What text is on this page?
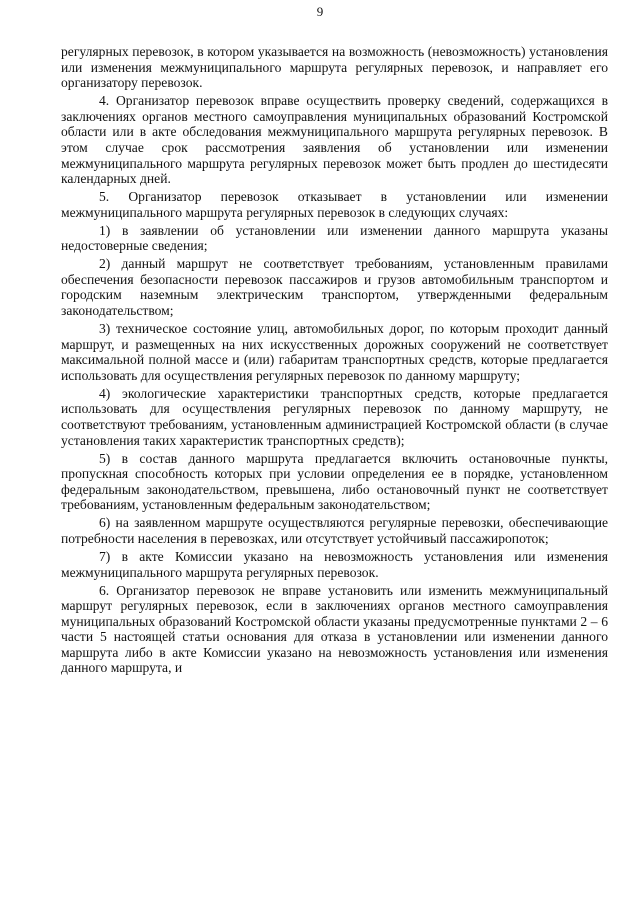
9

регулярных перевозок, в котором указывается на возможность (невозможность) установления или изменения межмуниципального маршрута регулярных перевозок, и направляет его организатору перевозок.

4. Организатор перевозок вправе осуществить проверку сведений, содержащихся в заключениях органов местного самоуправления муниципальных образований Костромской области или в акте обследования межмуниципального маршрута регулярных перевозок. В этом случае срок рассмотрения заявления об установлении или изменении межмуниципального маршрута регулярных перевозок может быть продлен до шестидесяти календарных дней.

5. Организатор перевозок отказывает в установлении или изменении межмуниципального маршрута регулярных перевозок в следующих случаях:

1) в заявлении об установлении или изменении данного маршрута указаны недостоверные сведения;

2) данный маршрут не соответствует требованиям, установленным правилами обеспечения безопасности перевозок пассажиров и грузов автомобильным транспортом и городским наземным электрическим транспортом, утвержденными федеральным законодательством;

3) техническое состояние улиц, автомобильных дорог, по которым проходит данный маршрут, и размещенных на них искусственных дорожных сооружений не соответствует максимальной полной массе и (или) габаритам транспортных средств, которые предлагается использовать для осуществления регулярных перевозок по данному маршруту;

4) экологические характеристики транспортных средств, которые предлагается использовать для осуществления регулярных перевозок по данному маршруту, не соответствуют требованиям, установленным администрацией Костромской области (в случае установления таких характеристик транспортных средств);

5) в состав данного маршрута предлагается включить остановочные пункты, пропускная способность которых при условии определения ее в порядке, установленном федеральным законодательством, превышена, либо остановочный пункт не соответствует требованиям, установленным федеральным законодательством;

6) на заявленном маршруте осуществляются регулярные перевозки, обеспечивающие потребности населения в перевозках, или отсутствует устойчивый пассажиропоток;

7) в акте Комиссии указано на невозможность установления или изменения межмуниципального маршрута регулярных перевозок.

6. Организатор перевозок не вправе установить или изменить межмуниципальный маршрут регулярных перевозок, если в заключениях органов местного самоуправления муниципальных образований Костромской области указаны предусмотренные пунктами 2 – 6 части 5 настоящей статьи основания для отказа в установлении или изменении данного маршрута либо в акте Комиссии указано на невозможность установления или изменения данного маршрута, и
